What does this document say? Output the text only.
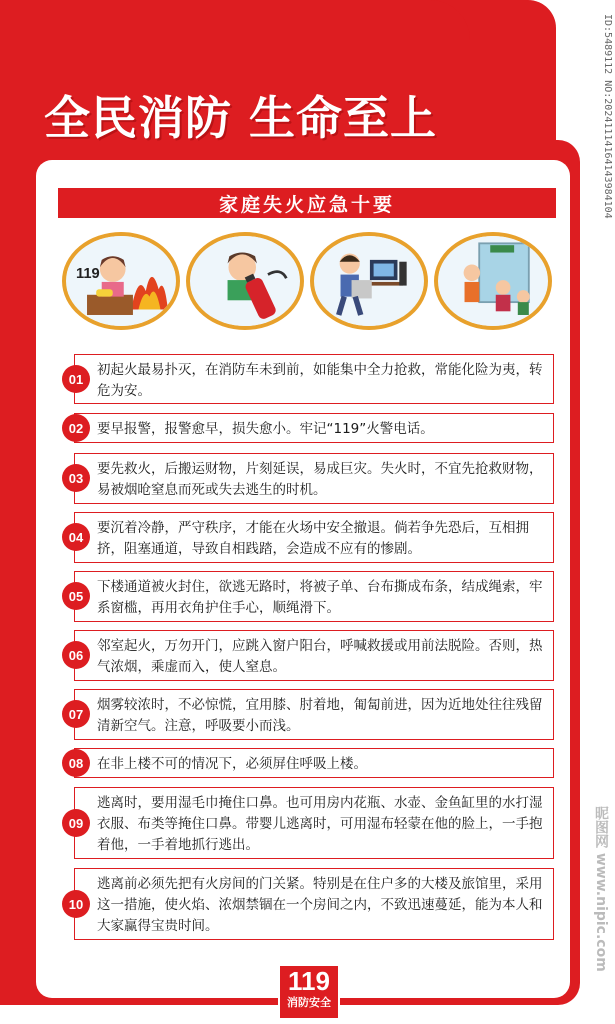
全民消防 生命至上
家庭失火应急十要
119
初起火最易扑灭，在消防车未到前，如能集中全力抢救，常能化险为夷，转危为安。
01
要早报警，报警愈早，损失愈小。牢记“119”火警电话。
02
要先救火，后搬运财物，片刻延误，易成巨灾。失火时，不宜先抢救财物，易被烟呛窒息而死或失去逃生的时机。
03
要沉着冷静，严守秩序，才能在火场中安全撤退。倘若争先恐后，互相拥挤，阻塞通道，导致自相践踏，会造成不应有的惨剧。
04
下楼通道被火封住，欲逃无路时，将被子单、台布撕成布条，结成绳索，牢系窗槛，再用衣角护住手心，顺绳滑下。
05
邻室起火，万勿开门，应跳入窗户阳台，呼喊救援或用前法脱险。否则，热气浓烟，乘虚而入，使人窒息。
06
烟雾较浓时，不必惊慌，宜用膝、肘着地，匍匐前进，因为近地处往往残留清新空气。注意，呼吸要小而浅。
07
在非上楼不可的情况下，必须屏住呼吸上楼。
08
逃离时，要用湿毛巾掩住口鼻。也可用房内花瓶、水壶、金鱼缸里的水打湿衣服、布类等掩住口鼻。带婴儿逃离时，可用湿布轻蒙在他的脸上，一手抱着他，一手着地抓行逃出。
09
逃离前必须先把有火房间的门关紧。特别是在住户多的大楼及旅馆里，采用这一措施，使火焰、浓烟禁锢在一个房间之内，不致迅速蔓延，能为本人和大家赢得宝贵时间。
10
119
消防安全
ID:5489112 NO:20241114164143984104
昵图网 www.nipic.com
